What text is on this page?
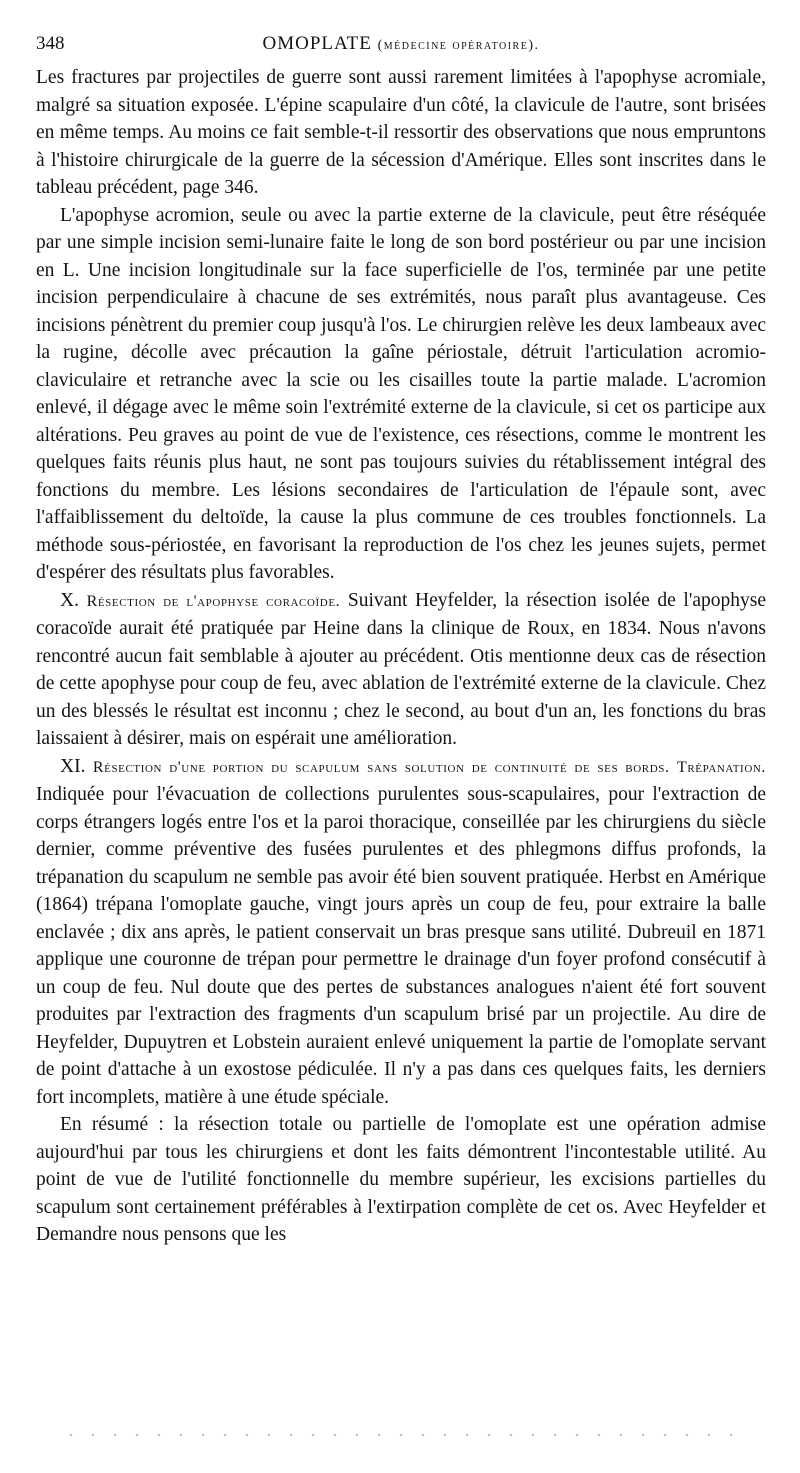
348	OMOPLATE (médecine opératoire).

Les fractures par projectiles de guerre sont aussi rarement limitées à l'apophyse acromiale, malgré sa situation exposée. L'épine scapulaire d'un côté, la clavicule de l'autre, sont brisées en même temps. Au moins ce fait semble-t-il ressortir des observations que nous empruntons à l'histoire chirurgicale de la guerre de la sécession d'Amérique. Elles sont inscrites dans le tableau précédent, page 346.

L'apophyse acromion, seule ou avec la partie externe de la clavicule, peut être réséquée par une simple incision semi-lunaire faite le long de son bord postérieur ou par une incision en L. Une incision longitudinale sur la face superficielle de l'os, terminée par une petite incision perpendiculaire à chacune de ses extrémités, nous paraît plus avantageuse. Ces incisions pénètrent du premier coup jusqu'à l'os. Le chirurgien relève les deux lambeaux avec la rugine, décolle avec précaution la gaîne périostale, détruit l'articulation acromio-claviculaire et retranche avec la scie ou les cisailles toute la partie malade. L'acromion enlevé, il dégage avec le même soin l'extrémité externe de la clavicule, si cet os participe aux altérations. Peu graves au point de vue de l'existence, ces résections, comme le montrent les quelques faits réunis plus haut, ne sont pas toujours suivies du rétablissement intégral des fonctions du membre. Les lésions secondaires de l'articulation de l'épaule sont, avec l'affaiblissement du deltoïde, la cause la plus commune de ces troubles fonctionnels. La méthode sous-périostée, en favorisant la reproduction de l'os chez les jeunes sujets, permet d'espérer des résultats plus favorables.

X. Résection de l'apophyse coracoïde. Suivant Heyfelder, la résection isolée de l'apophyse coracoïde aurait été pratiquée par Heine dans la clinique de Roux, en 1834. Nous n'avons rencontré aucun fait semblable à ajouter au précédent. Otis mentionne deux cas de résection de cette apophyse pour coup de feu, avec ablation de l'extrémité externe de la clavicule. Chez un des blessés le résultat est inconnu ; chez le second, au bout d'un an, les fonctions du bras laissaient à désirer, mais on espérait une amélioration.

XI. Résection d'une portion du scapulum sans solution de continuité de ses bords. Trépanation. Indiquée pour l'évacuation de collections purulentes sous-scapulaires, pour l'extraction de corps étrangers logés entre l'os et la paroi thoracique, conseillée par les chirurgiens du siècle dernier, comme préventive des fusées purulentes et des phlegmons diffus profonds, la trépanation du scapulum ne semble pas avoir été bien souvent pratiquée. Herbst en Amérique (1864) trépana l'omoplate gauche, vingt jours après un coup de feu, pour extraire la balle enclavée ; dix ans après, le patient conservait un bras presque sans utilité. Dubreuil en 1871 applique une couronne de trépan pour permettre le drainage d'un foyer profond consécutif à un coup de feu. Nul doute que des pertes de substances analogues n'aient été fort souvent produites par l'extraction des fragments d'un scapulum brisé par un projectile. Au dire de Heyfelder, Dupuytren et Lobstein auraient enlevé uniquement la partie de l'omoplate servant de point d'attache à un exostose pédiculée. Il n'y a pas dans ces quelques faits, les derniers fort incomplets, matière à une étude spéciale.

En résumé : la résection totale ou partielle de l'omoplate est une opération admise aujourd'hui par tous les chirurgiens et dont les faits démontrent l'incontestable utilité. Au point de vue de l'utilité fonctionnelle du membre supérieur, les excisions partielles du scapulum sont certainement préférables à l'extirpation complète de cet os. Avec Heyfelder et Demandre nous pensons que les
